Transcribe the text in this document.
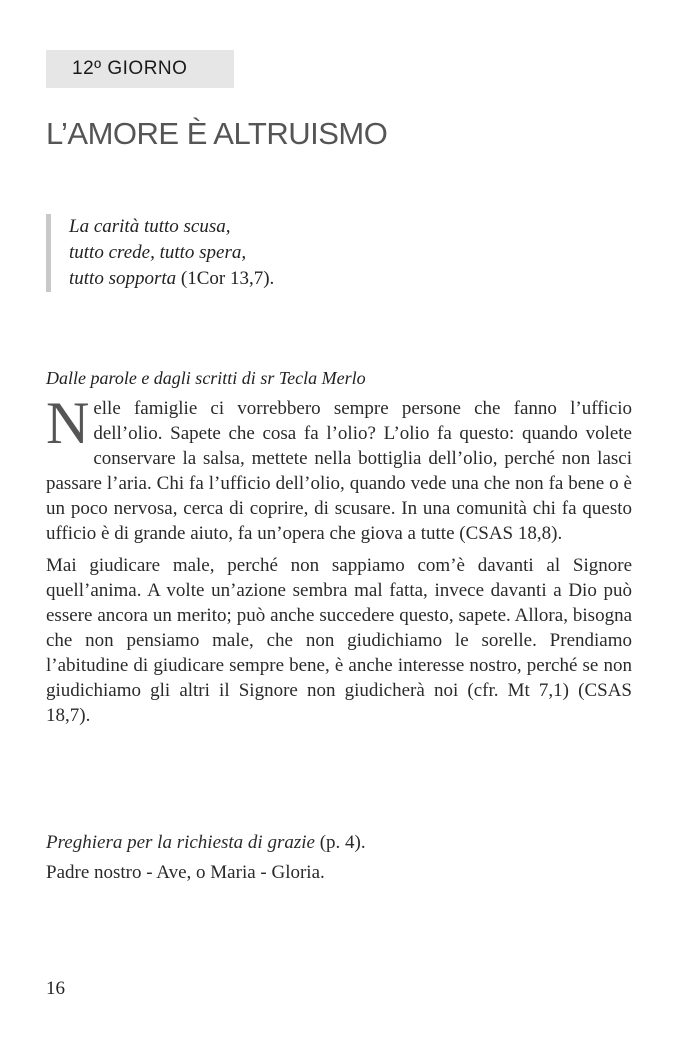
12º GIORNO
L’AMORE È ALTRUISMO
La carità tutto scusa,
tutto crede, tutto spera,
tutto sopporta (1Cor 13,7).
Dalle parole e dagli scritti di sr Tecla Merlo

Nelle famiglie ci vorrebbero sempre persone che fanno l’ufficio dell’olio. Sapete che cosa fa l’olio? L’olio fa questo: quando volete conservare la salsa, mettete nella bottiglia dell’olio, perché non lasci passare l’aria. Chi fa l’ufficio dell’olio, quando vede una che non fa bene o è un poco nervosa, cerca di coprire, di scusare. In una comunità chi fa questo ufficio è di grande aiuto, fa un’opera che giova a tutte (CSAS 18,8).

Mai giudicare male, perché non sappiamo com’è davanti al Signore quell’anima. A volte un’azione sembra mal fatta, invece davanti a Dio può essere ancora un merito; può anche succedere questo, sapete. Allora, bisogna che non pensiamo male, che non giudichiamo le sorelle. Prendiamo l’abitudine di giudicare sempre bene, è anche interesse nostro, perché se non giudichiamo gli altri il Signore non giudicherà noi (cfr. Mt 7,1) (CSAS 18,7).

Preghiera per la richiesta di grazie (p. 4).
Padre nostro - Ave, o Maria - Gloria.
16
